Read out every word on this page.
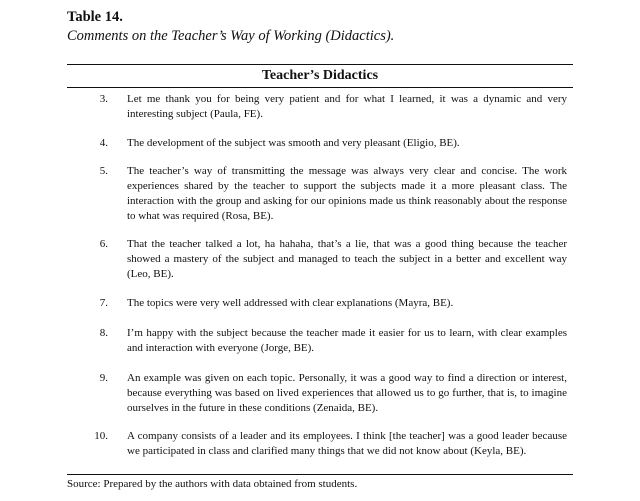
Table 14.
Comments on the Teacher’s Way of Working (Didactics).
Teacher’s Didactics
3. Let me thank you for being very patient and for what I learned, it was a dynamic and very interesting subject (Paula, FE).
4. The development of the subject was smooth and very pleasant (Eligio, BE).
5. The teacher’s way of transmitting the message was always very clear and concise. The work experiences shared by the teacher to support the subjects made it a more pleasant class. The interaction with the group and asking for our opinions made us think reasonably about the response to what was required (Rosa, BE).
6. That the teacher talked a lot, ha hahaha, that’s a lie, that was a good thing because the teacher showed a mastery of the subject and managed to teach the subject in a better and excellent way (Leo, BE).
7. The topics were very well addressed with clear explanations (Mayra, BE).
8. I’m happy with the subject because the teacher made it easier for us to learn, with clear examples and interaction with everyone (Jorge, BE).
9. An example was given on each topic. Personally, it was a good way to find a direction or interest, because everything was based on lived experiences that allowed us to go further, that is, to imagine ourselves in the future in these conditions (Zenaida, BE).
10. A company consists of a leader and its employees. I think [the teacher] was a good leader because we participated in class and clarified many things that we did not know about (Keyla, BE).
Source: Prepared by the authors with data obtained from students.
